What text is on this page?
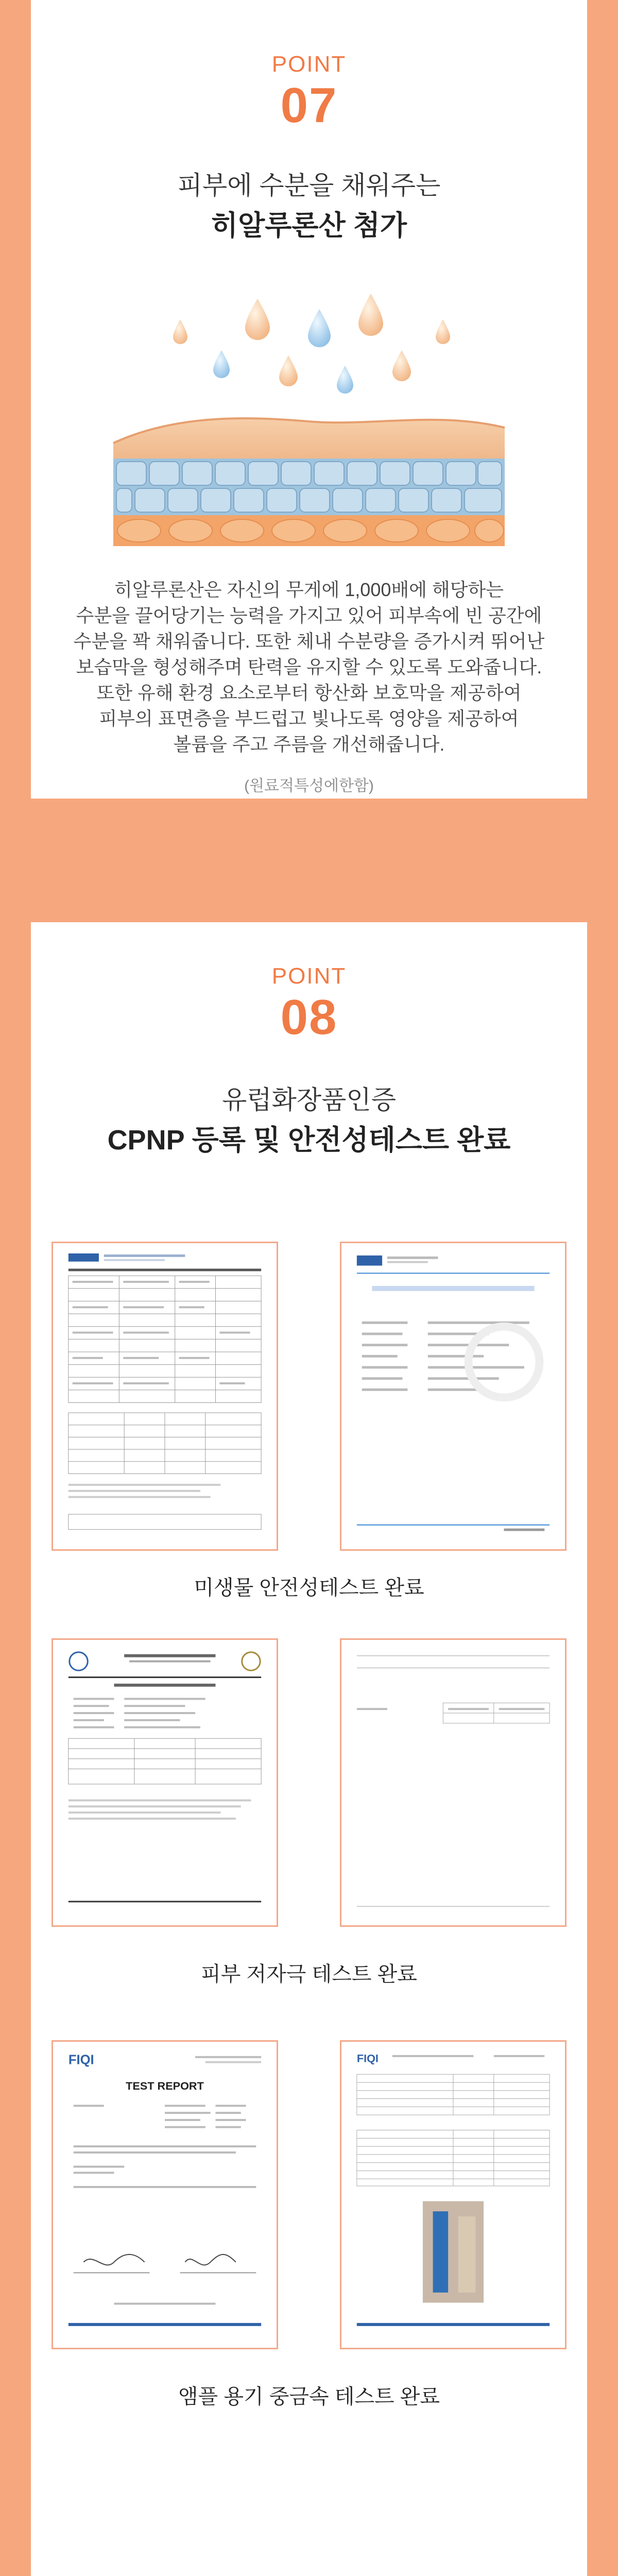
POINT
07
피부에 수분을 채워주는
히알루론산 첨가
히알루론산은 자신의 무게에 1,000배에 해당하는
수분을 끌어당기는 능력을 가지고 있어 피부속에 빈 공간에
수분을 꽉 채워줍니다. 또한 체내 수분량을 증가시켜 뛰어난
보습막을 형성해주며 탄력을 유지할 수 있도록 도와줍니다.
또한 유해 환경 요소로부터 항산화 보호막을 제공하여
피부의 표면층을 부드럽고 빛나도록 영양을 제공하여
볼륨을 주고 주름을 개선해줍니다.
(원료적특성에한함)
POINT
08
유럽화장품인증
CPNP 등록 및 안전성테스트 완료
미생물 안전성테스트 완료
피부 저자극 테스트 완료
FIQI
TEST REPORT
FIQI
앰플 용기 중금속 테스트 완료
